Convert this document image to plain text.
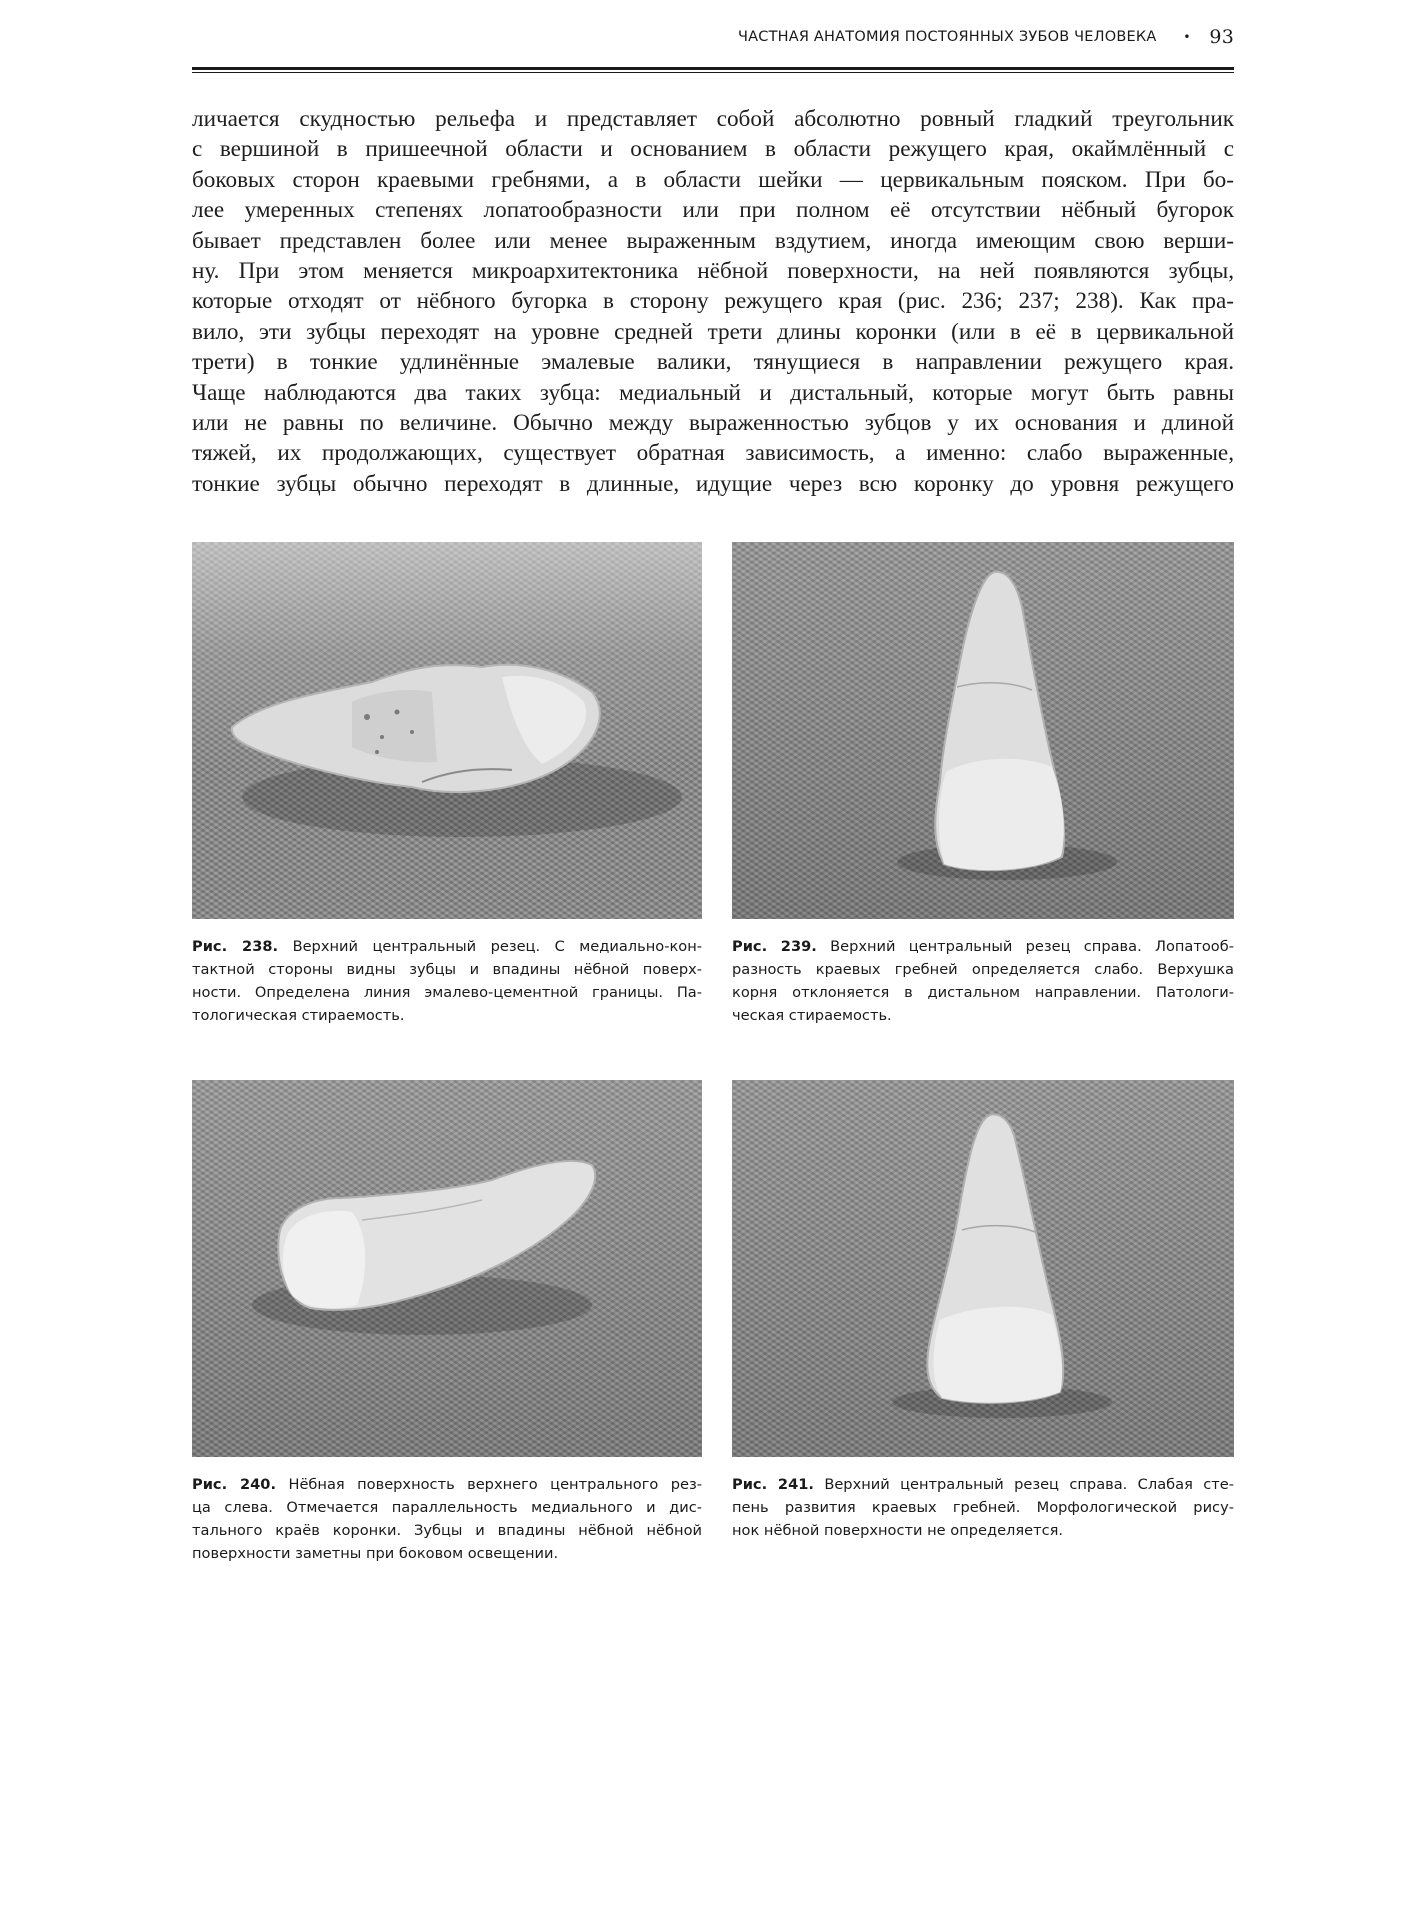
ЧАСТНАЯ АНАТОМИЯ ПОСТОЯННЫХ ЗУБОВ ЧЕЛОВЕКА • 93

личается скудностью рельефа и представляет собой абсолютно ровный гладкий треугольник
с вершиной в пришеечной области и основанием в области режущего края, окаймлённый с
боковых сторон краевыми гребнями, а в области шейки — цервикальным пояском. При бо-
лее умеренных степенях лопатообразности или при полном её отсутствии нёбный бугорок
бывает представлен более или менее выраженным вздутием, иногда имеющим свою верши-
ну. При этом меняется микроархитектоника нёбной поверхности, на ней появляются зубцы,
которые отходят от нёбного бугорка в сторону режущего края (рис. 236; 237; 238). Как пра-
вило, эти зубцы переходят на уровне средней трети длины коронки (или в её в цервикальной
трети) в тонкие удлинённые эмалевые валики, тянущиеся в направлении режущего края.
Чаще наблюдаются два таких зубца: медиальный и дистальный, которые могут быть равны
или не равны по величине. Обычно между выраженностью зубцов у их основания и длиной
тяжей, их продолжающих, существует обратная зависимость, а именно: слабо выраженные,
тонкие зубцы обычно переходят в длинные, идущие через всю коронку до уровня режущего

Рис. 238. Верхний центральный резец. С медиально-кон-
тактной стороны видны зубцы и впадины нёбной поверх-
ности. Определена линия эмалево-цементной границы. Па-
тологическая стираемость.

Рис. 239. Верхний центральный резец справа. Лопатооб-
разность краевых гребней определяется слабо. Верхушка
корня отклоняется в дистальном направлении. Патологи-
ческая стираемость.

Рис. 240. Нёбная поверхность верхнего центрального рез-
ца слева. Отмечается параллельность медиального и дис-
тального краёв коронки. Зубцы и впадины нёбной нёбной
поверхности заметны при боковом освещении.

Рис. 241. Верхний центральный резец справа. Слабая сте-
пень развития краевых гребней. Морфологической рису-
нок нёбной поверхности не определяется.
